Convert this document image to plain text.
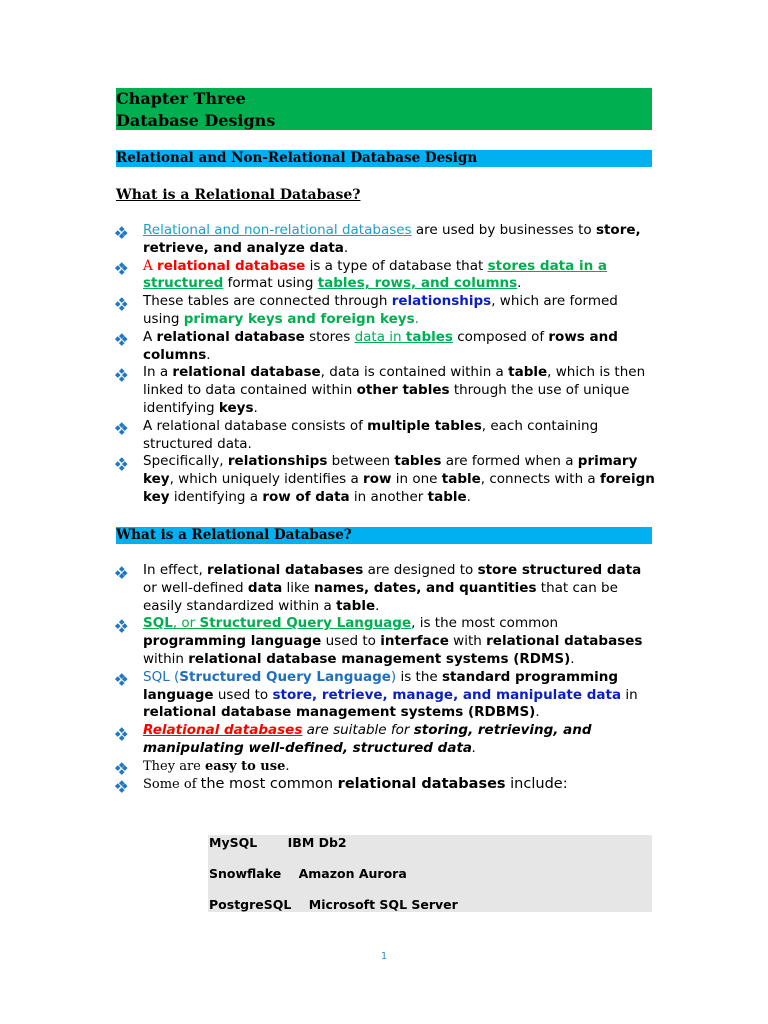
Chapter Three
Database Designs
Relational and Non-Relational Database Design
What is a Relational Database?
Relational and non-relational databases are used by businesses to store, retrieve, and analyze data.
A relational database is a type of database that stores data in a structured format using tables, rows, and columns.
These tables are connected through relationships, which are formed using primary keys and foreign keys.
A relational database stores data in tables composed of rows and columns.
In a relational database, data is contained within a table, which is then linked to data contained within other tables through the use of unique identifying keys.
A relational database consists of multiple tables, each containing structured data.
Specifically, relationships between tables are formed when a primary key, which uniquely identifies a row in one table, connects with a foreign key identifying a row of data in another table.
What is a Relational Database?
In effect, relational databases are designed to store structured data or well-defined data like names, dates, and quantities that can be easily standardized within a table.
SQL, or Structured Query Language, is the most common programming language used to interface with relational databases within relational database management systems (RDMS).
SQL (Structured Query Language) is the standard programming language used to store, retrieve, manage, and manipulate data in relational database management systems (RDBMS).
Relational databases are suitable for storing, retrieving, and manipulating well-defined, structured data.
They are easy to use.
Some of the most common relational databases include:
MySQL       IBM Db2
Snowflake    Amazon Aurora
PostgreSQL    Microsoft SQL Server
1
